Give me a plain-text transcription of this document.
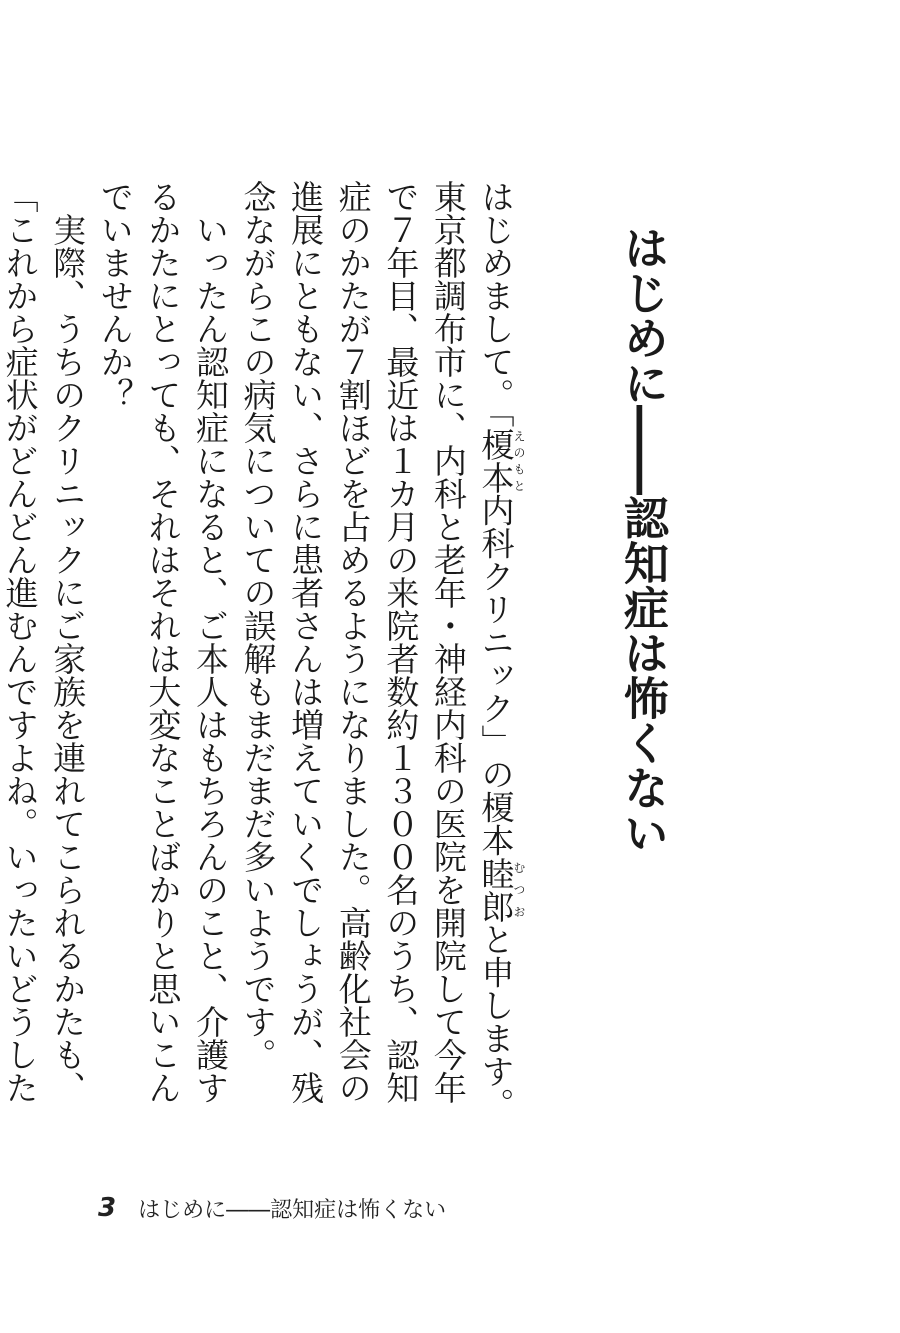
はじめに――認知症は怖くない

はじめまして。「榎本えのもと内科クリニック」の榎本睦郎むつおと申します。

東京都調布市に、内科と老年・神経内科の医院を開院して今年で７年目、最近は１カ月の来院者数約１３００名のうち、認知症のかたが７割ほどを占めるようになりました。高齢化社会の進展にともない、さらに患者さんは増えていくでしょうが、残念ながらこの病気についての誤解もまだまだ多いようです。

いったん認知症になると、ご本人はもちろんのこと、介護するかたにとっても、それはそれは大変なことばかりと思いこんでいませんか？

実際、うちのクリニックにご家族を連れてこられるかたも、「これから症状がどんどん進むんですよね。いったいどうした

3 はじめに――認知症は怖くない
